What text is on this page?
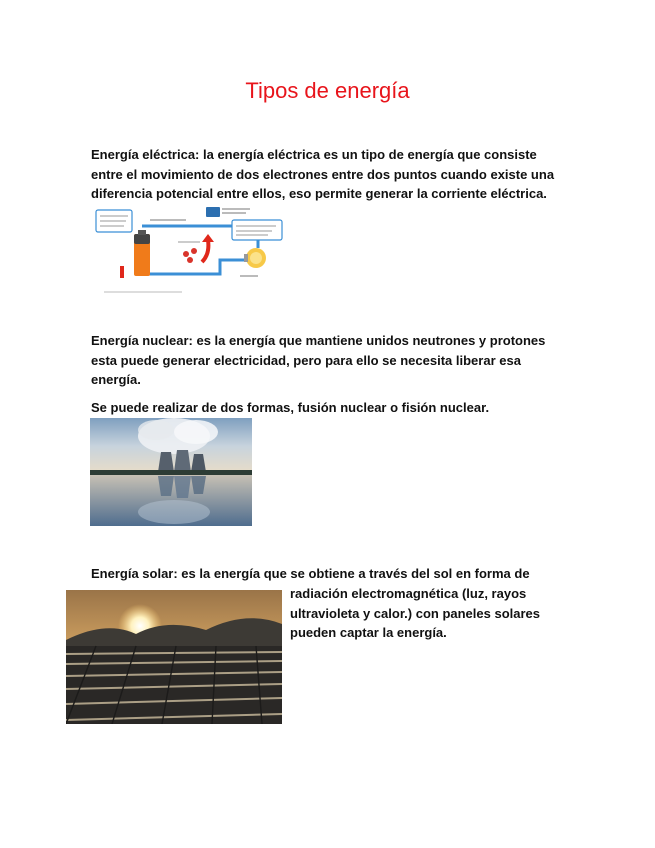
Tipos de energía
Energía eléctrica: la energía eléctrica es un tipo de energía que consiste
entre el movimiento de dos electrones entre dos puntos cuando existe una
diferencia potencial entre ellos, eso permite generar la corriente eléctrica.
Energía nuclear: es la energía que mantiene unidos neutrones y protones
esta puede generar electricidad, pero para ello se necesita liberar esa
energía.
Se puede realizar de dos formas, fusión nuclear o fisión nuclear.
Energía solar: es la energía que se obtiene a través del sol en forma de
radiación electromagnética (luz, rayos
ultravioleta y calor.) con paneles solares
pueden captar la energía.
